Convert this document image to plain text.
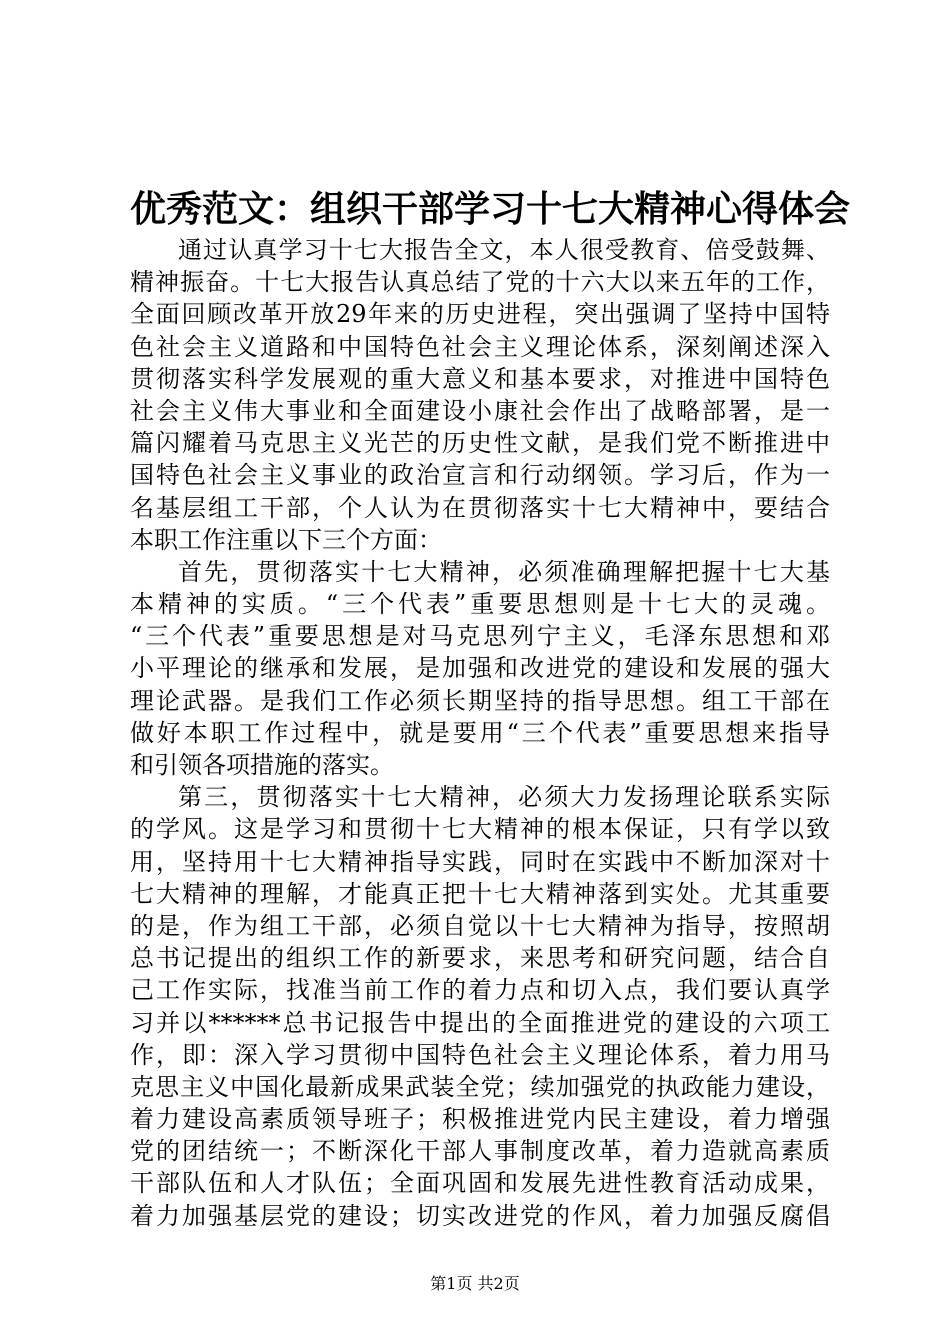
优秀范文：组织干部学习十七大精神心得体会
通过认真学习十七大报告全文，本人很受教育、倍受鼓舞、
精神振奋。十七大报告认真总结了党的十六大以来五年的工作，
全面回顾改革开放29年来的历史进程，突出强调了坚持中国特
色社会主义道路和中国特色社会主义理论体系，深刻阐述深入
贯彻落实科学发展观的重大意义和基本要求，对推进中国特色
社会主义伟大事业和全面建设小康社会作出了战略部署，是一
篇闪耀着马克思主义光芒的历史性文献，是我们党不断推进中
国特色社会主义事业的政治宣言和行动纲领。学习后，作为一
名基层组工干部，个人认为在贯彻落实十七大精神中，要结合
本职工作注重以下三个方面：
首先，贯彻落实十七大精神，必须准确理解把握十七大基
本精神的实质。“三个代表”重要思想则是十七大的灵魂。
“三个代表”重要思想是对马克思列宁主义，毛泽东思想和邓
小平理论的继承和发展，是加强和改进党的建设和发展的强大
理论武器。是我们工作必须长期坚持的指导思想。组工干部在
做好本职工作过程中，就是要用“三个代表”重要思想来指导
和引领各项措施的落实。
第三，贯彻落实十七大精神，必须大力发扬理论联系实际
的学风。这是学习和贯彻十七大精神的根本保证，只有学以致
用，坚持用十七大精神指导实践，同时在实践中不断加深对十
七大精神的理解，才能真正把十七大精神落到实处。尤其重要
的是，作为组工干部，必须自觉以十七大精神为指导，按照胡
总书记提出的组织工作的新要求，来思考和研究问题，结合自
己工作实际，找准当前工作的着力点和切入点，我们要认真学
习并以******总书记报告中提出的全面推进党的建设的六项工
作，即：深入学习贯彻中国特色社会主义理论体系，着力用马
克思主义中国化最新成果武装全党；续加强党的执政能力建设，
着力建设高素质领导班子；积极推进党内民主建设，着力增强
党的团结统一；不断深化干部人事制度改革，着力造就高素质
干部队伍和人才队伍；全面巩固和发展先进性教育活动成果，
着力加强基层党的建设；切实改进党的作风，着力加强反腐倡
第1页 共2页
